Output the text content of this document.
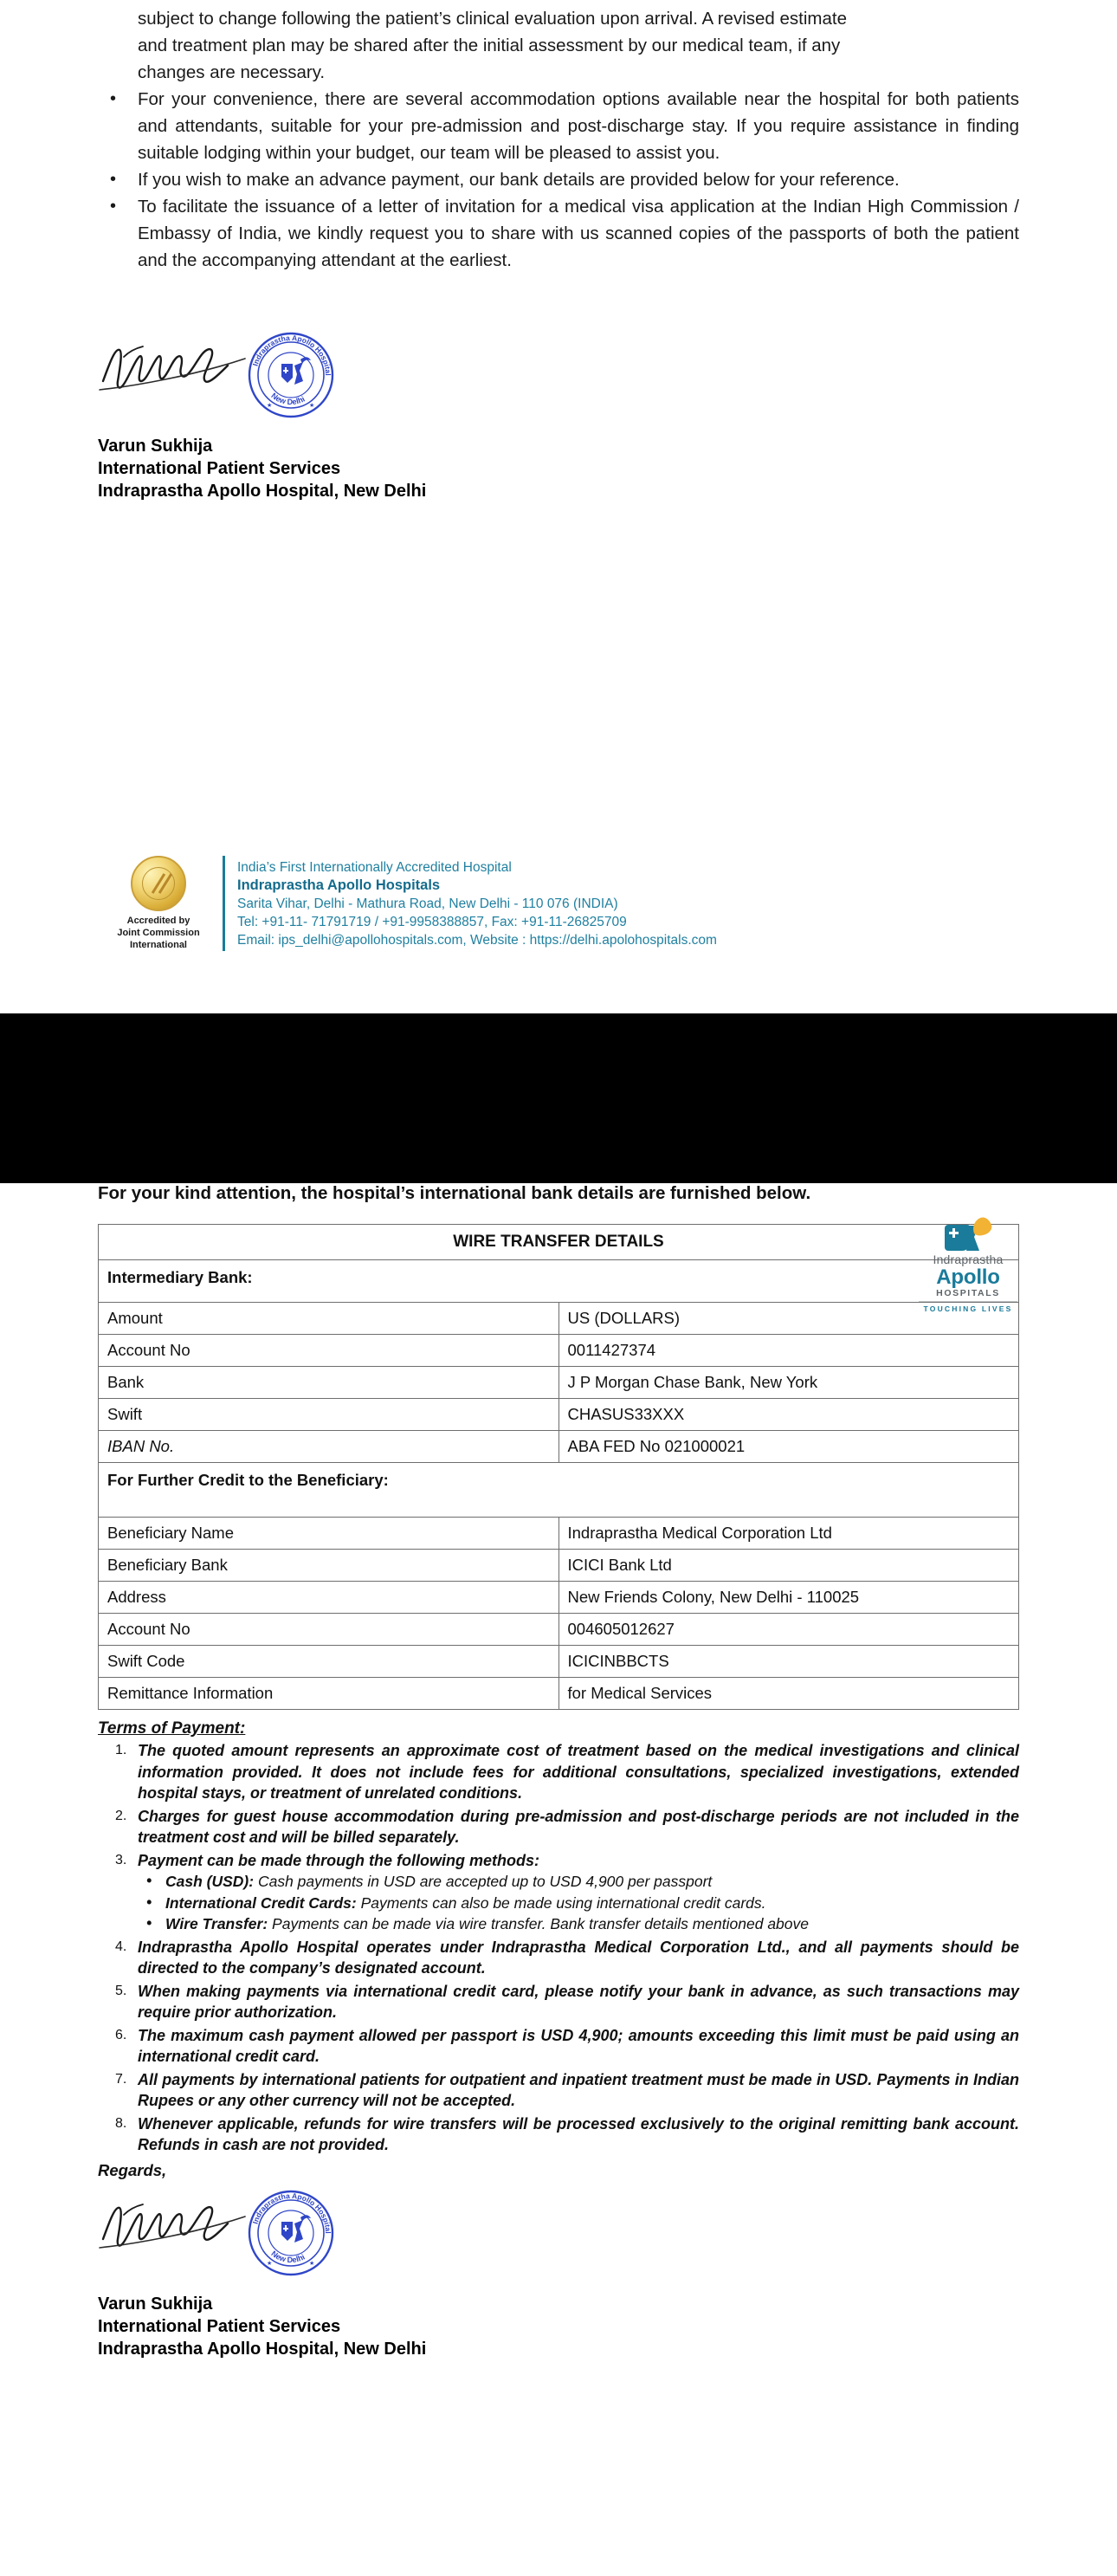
subject to change following the patient’s clinical evaluation upon arrival. A revised estimate
and treatment plan may be shared after the initial assessment by our medical team, if any
changes are necessary.
• For your convenience, there are several accommodation options available near the hospital for both patients and attendants, suitable for your pre-admission and post-discharge stay. If you require assistance in finding suitable lodging within your budget, our team will be pleased to assist you.
• If you wish to make an advance payment, our bank details are provided below for your reference.
• To facilitate the issuance of a letter of invitation for a medical visa application at the Indian High Commission / Embassy of India, we kindly request you to share with us scanned copies of the passports of both the patient and the accompanying attendant at the earliest.
Indraprastha Apollo Hospital
New Delhi
★	★
Varun Sukhija
International Patient Services
Indraprastha Apollo Hospital, New Delhi
Accredited by
Joint Commission International
India’s First Internationally Accredited Hospital
Indraprastha Apollo Hospitals
Sarita Vihar, Delhi - Mathura Road, New Delhi - 110 076 (INDIA)
Tel: +91-11- 71791719 / +91-9958388857, Fax: +91-11-26825709
Email: ips_delhi@apollohospitals.com, Website : https://delhi.apolohospitals.com
Indraprastha
Apollo
HOSPITALS
TOUCHING LIVES
For your kind attention, the hospital’s international bank details are furnished below.
WIRE TRANSFER DETAILS	
Intermediary Bank:	
Amount	US (DOLLARS)
Account No	0011427374
Bank	J P Morgan Chase Bank, New York
Swift	CHASUS33XXX
IBAN No.	ABA FED No 021000021
For Further Credit to the Beneficiary:	
Beneficiary Name	Indraprastha Medical Corporation Ltd
Beneficiary Bank	ICICI Bank Ltd
Address	New Friends Colony, New Delhi - 110025
Account No	004605012627
Swift Code	ICICINBBCTS
Remittance Information	for Medical Services
Terms of Payment:
The quoted amount represents an approximate cost of treatment based on the medical investigations and clinical information provided. It does not include fees for additional consultations, specialized investigations, extended hospital stays, or treatment of unrelated conditions.
Charges for guest house accommodation during pre-admission and post-discharge periods are not included in the treatment cost and will be billed separately.
Payment can be made through the following methods:
• Cash (USD): Cash payments in USD are accepted up to USD 4,900 per passport
• International Credit Cards: Payments can also be made using international credit cards.
• Wire Transfer: Payments can be made via wire transfer. Bank transfer details mentioned above
Indraprastha Apollo Hospital operates under Indraprastha Medical Corporation Ltd., and all payments should be directed to the company’s designated account.
When making payments via international credit card, please notify your bank in advance, as such transactions may require prior authorization.
The maximum cash payment allowed per passport is USD 4,900; amounts exceeding this limit must be paid using an international credit card.
All payments by international patients for outpatient and inpatient treatment must be made in USD. Payments in Indian Rupees or any other currency will not be accepted.
Whenever applicable, refunds for wire transfers will be processed exclusively to the original remitting bank account. Refunds in cash are not provided.
Regards,
Indraprastha Apollo Hospital
New Delhi
★	★
Varun Sukhija
International Patient Services
Indraprastha Apollo Hospital, New Delhi
